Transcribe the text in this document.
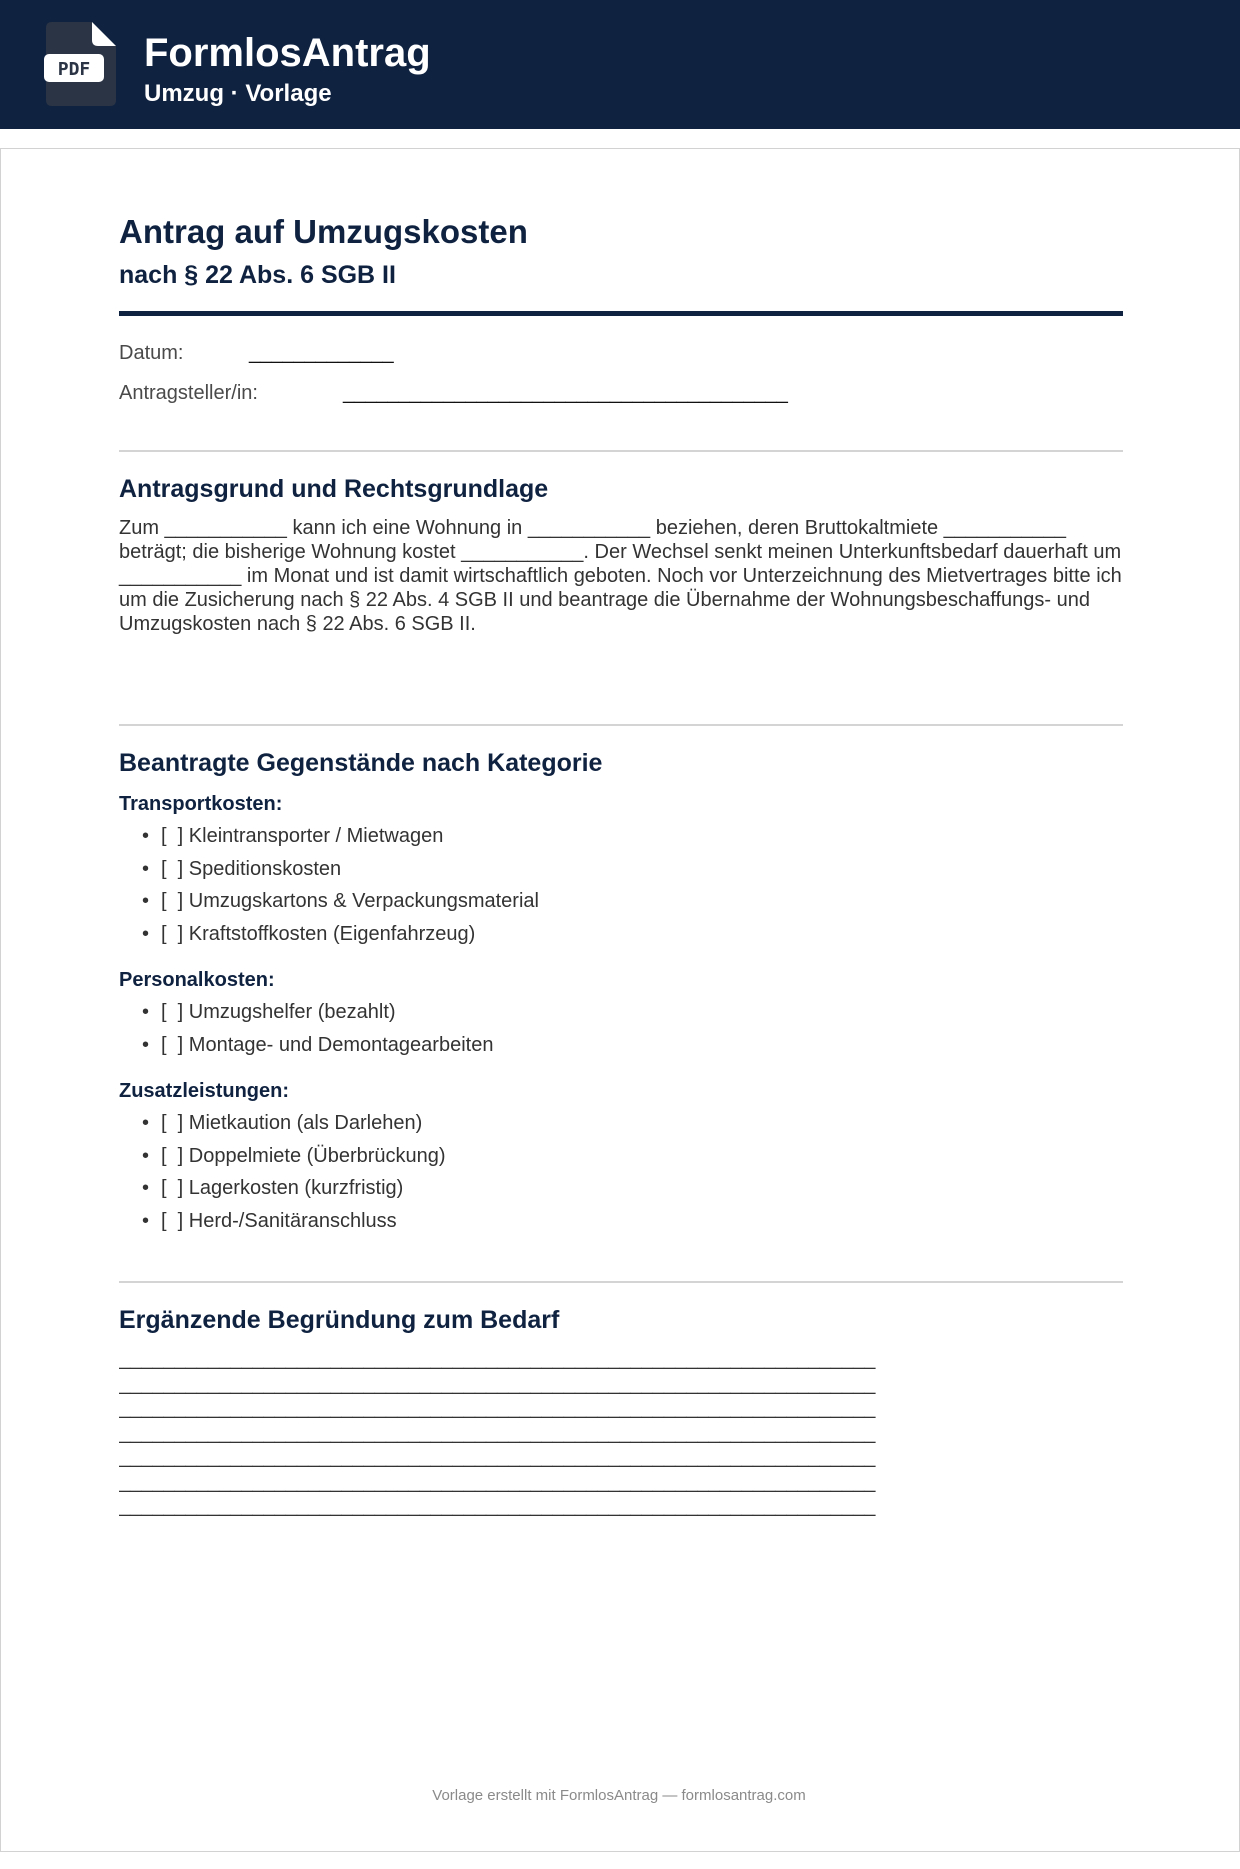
PDF FormlosAntrag
Umzug · Vorlage
Antrag auf Umzugskosten
nach § 22 Abs. 6 SGB II
Datum:	_____________
Antragsteller/in:	________________________________________
Antragsgrund und Rechtsgrundlage

Zum ___________ kann ich eine Wohnung in ___________ beziehen, deren Bruttokaltmiete ___________ beträgt; die bisherige Wohnung kostet ___________. Der Wechsel senkt meinen Unterkunftsbedarf dauerhaft um ___________ im Monat und ist damit wirtschaftlich geboten. Noch vor Unterzeichnung des Mietvertrages bitte ich um die Zusicherung nach § 22 Abs. 4 SGB II und beantrage die Übernahme der Wohnungsbeschaffungs- und Umzugskosten nach § 22 Abs. 6 SGB II.

Beantragte Gegenstände nach Kategorie
Transportkosten:
• [  ] Kleintransporter / Mietwagen
• [  ] Speditionskosten
• [  ] Umzugskartons & Verpackungsmaterial
• [  ] Kraftstoffkosten (Eigenfahrzeug)
Personalkosten:
• [  ] Umzugshelfer (bezahlt)
• [  ] Montage- und Demontagearbeiten
Zusatzleistungen:
• [  ] Mietkaution (als Darlehen)
• [  ] Doppelmiete (Überbrückung)
• [  ] Lagerkosten (kurzfristig)
• [  ] Herd-/Sanitäranschluss
Ergänzende Begründung zum Bedarf
____________________________________________________________________
____________________________________________________________________
____________________________________________________________________
____________________________________________________________________
____________________________________________________________________
____________________________________________________________________
____________________________________________________________________
Vorlage erstellt mit FormlosAntrag — formlosantrag.com
